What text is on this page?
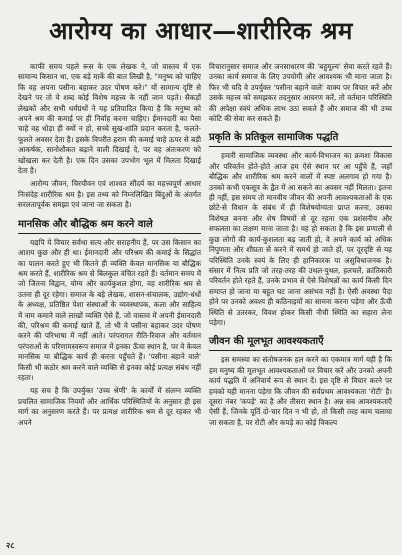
आरोग्य का आधार—शारीरिक श्रम

काफी समय पहले रूस के एक लेखक ने, जो वास्तव में एक सामान्य किसान था, एक बड़े मार्के की बात लिखी है, "मनुष्य को चाहिए कि वह अपना पसीना बहाकर उदर पोषण करे।" यों सामान्य दृष्टि से देखने पर तो ये शब्द कोई विशेष महत्त्व के नहीं जान पड़ते। सैकड़ों लेखकों और सभी धर्मग्रंथों ने यह प्रतिपादित किया है कि मनुष्य को अपने श्रम की कमाई पर ही निर्वाह करना चाहिए। ईमानदारी का पैसा चाहे वह थोड़ा ही क्यों न हो, सच्चे सुख-शांति प्रदान करता है, फलते-फूलते अवसर देता है। इसके विपरीत हराम की कमाई चाहे ऊपर से बड़ी आकर्षक, सानोशौकत बढ़ाने वाली दिखाई दे, पर वह अंतःकरण को खोखला कर देती है। एक दिन उसका उपभोग भूल में मिलता दिखाई देता है।

आरोग्य जीवन, चिरयौवन एवं शाश्वत सौंदर्य का महत्त्वपूर्ण आधार निःसंदेह शारीरिक श्रम है। इस तथ्य को निम्नलिखित बिंदुओं के अंतर्गत सरलतापूर्वक समझा एवं जाना जा सकता है।

मानसिक और बौद्धिक श्रम करने वाले

यद्यपि ये विचार सर्वथा सत्य और सराहनीय हैं, पर उस किसान का आशय कुछ और ही था। ईमानदारी और परिश्रम की कमाई के सिद्धांत का पालन करते हुए भी कितने ही व्यक्ति केवल मानसिक या बौद्धिक श्रम करते हैं, शारीरिक श्रम से बिलकुल वंचित रहते हैं। वर्तमान समय में जो जितना विद्वान, योग्य और कार्यकुशल होगा, वह शारीरिक श्रम से उतना ही दूर रहेगा। समाज के बड़े लेखक, शासन-संचालक, उद्योग-धंधों के अध्यक्ष, प्रतिष्ठित पेशा संस्थाओं के व्यवस्थापक, कला और साहित्य में नाम कमाने वाले लाखों व्यक्ति ऐसे हैं, जो वास्तव में अपनी ईमानदारी की, परिश्रम की कमाई खाते हैं, तो भी वे पसीना बहाकर उदर पोषण करने की परिभाषा में नहीं आते। परंपरागत रीति-रिवाज और वर्तमान परंपराओं के परिणामस्वरूप समाज में इनका ऊँचा स्थान है, पर वे केवल मानसिक या बौद्धिक कार्य ही करना पहुँचते हैं। 'पसीना बहाने वाले' किसी भी कठोर श्रम करने वाले व्यक्ति से इनका कोई प्रत्यक्ष संबंध नहीं रहता।

यह सच है कि उपर्युक्त 'उच्च श्रेणी' के कार्यों में संलग्न व्यक्ति प्रचलित सामाजिक नियमों और आर्थिक परिस्थितियों के अनुसार ही इस मार्ग का अनुसरण करते हैं। पर प्रत्यक्ष शारीरिक श्रम से दूर रहकर भी अपने

विचारानुसार समाज और जनसाधारण की 'बहुमूल्य' सेवा करते रहते हैं। उनका कार्य समाज के लिए उपयोगी और आवश्यक भी माना जाता है। फिर भी यदि वे उपर्युक्त 'पसीना बहाने वाले' वाक्य पर विचार करें और उसके महत्त्व को समझकर तदनुसार आचरण करें, तो वर्तमान परिस्थिति की अपेक्षा स्वयं अधिक लाभ उठा सकते हैं और समाज की भी उच्च कोटि की सेवा कर सकते हैं।

प्रकृति के प्रतिकूल सामाजिक पद्धति

हमारी सामाजिक व्यवस्था और कार्य-विभाजन का क्रमशः विकास और परिवर्तन होते-होते आज हम ऐसे स्थान पर आ पहुँचे हैं, जहाँ बौद्धिक और शारीरिक श्रम करने वालों में स्पष्ट अलगाव हो गया है। उनको कभी एकसूत्र के द्वैत में आ सकने का अवसर नहीं मिलता। इतना ही नहीं, इस समय तो मानवीय जीवन की अपनी आवश्यकताओं के एक छोटे-से विधान के संबंध में ही विशेषयोग्यता प्राप्त करना, उसका विशेषज्ञ बनना और शेष विषयों से दूर रहना एक प्रशंसनीय और सफलता का लक्षण माना जाता है। यह हो सकता है कि इस प्रणाली से कुछ लोगों की कार्य-कुशलता बढ़ जाती हो, वे अपने कार्य को अधिक निपुणता और शीघ्रता से करने में समर्थ हो जाते हों, पर दूरदृष्टि से यह परिस्थिति उनके स्वयं के लिए ही हानिकारक या असुविधाजनक है। संसार में नित्य प्रति जो तरह-तरह की उथल-पुथल, हलचलें, क्रांतिकारी परिवर्तन होते रहते हैं, उनके प्रभाव से ऐसे विशेषज्ञों का कार्य किसी दिन समाप्त हो जाना या बहुत घट जाना असंभव नहीं है। ऐसी अवस्था पैदा होने पर उनको अवश्य ही कठिनाइयों का सामना करना पड़ेगा और ऊँची स्थिति से उतरकर, विवश होकर किसी नीची स्थिति का सहारा लेना पड़ेगा।

जीवन की मूलभूत आवश्यकताएँ

इस समस्या का संतोषजनक हल करने का एकमात्र मार्ग यही है कि हम मनुष्य की मूलभूत आवश्यकताओं पर विचार करें और उनको अपनी कार्य पद्धति में अनिवार्य रूप से स्थान दें। इस दृष्टि से विचार करने पर हमको यही मानना पड़ेगा कि जीवन की सर्वप्रथम आवश्यकता 'रोटी' है। दूसरा नंबर 'कपड़े' का है और तीसरा स्थान है। अन्न सब आवश्यकताएँ ऐसी हैं, जिनके पूर्ति दो-चार दिन न भी हो, तो किसी तरह काम चलाया जा सकता है, पर रोटी और कपड़े का कोई विकल्प

२८
